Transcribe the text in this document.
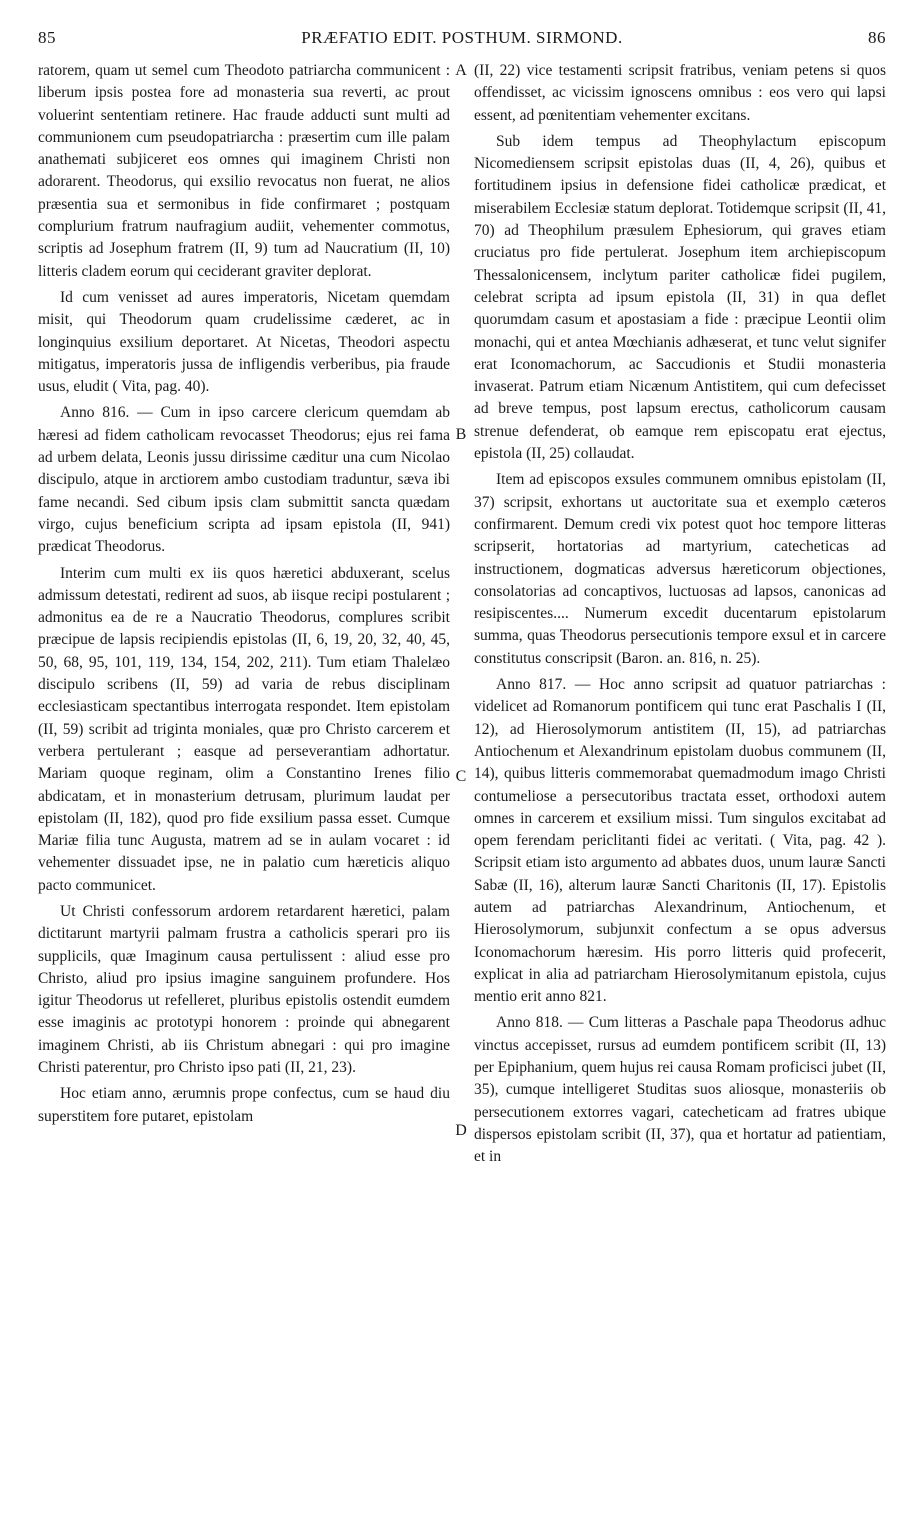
85	PRÆFATIO EDIT. POSTHUM. SIRMOND.	86
A
B
C
D

ratorem, quam ut semel cum Theodoto patriarcha communicent : liberum ipsis postea fore ad monasteria sua reverti, ac prout voluerint sententiam retinere. Hac fraude adducti sunt multi ad communionem cum pseudopatriarcha : præsertim cum ille palam anathemati subjiceret eos omnes qui imaginem Christi non adorarent. Theodorus, qui exsilio revocatus non fuerat, ne alios præsentia sua et sermonibus in fide confirmaret ; postquam complurium fratrum naufragium audiit, vehementer commotus, scriptis ad Josephum fratrem (II, 9) tum ad Naucratium (II, 10) litteris cladem eorum qui ceciderant graviter deplorat.

Id cum venisset ad aures imperatoris, Nicetam quemdam misit, qui Theodorum quam crudelissime cæderet, ac in longinquius exsilium deportaret. At Nicetas, Theodori aspectu mitigatus, imperatoris jussa de infligendis verberibus, pia fraude usus, eludit ( Vita, pag. 40).

Anno 816. — Cum in ipso carcere clericum quemdam ab hæresi ad fidem catholicam revocasset Theodorus; ejus rei fama ad urbem delata, Leonis jussu dirissime cæditur una cum Nicolao discipulo, atque in arctiorem ambo custodiam traduntur, sæva ibi fame necandi. Sed cibum ipsis clam submittit sancta quædam virgo, cujus beneficium scripta ad ipsam epistola (II, 941) prædicat Theodorus.

Interim cum multi ex iis quos hæretici abduxerant, scelus admissum detestati, redirent ad suos, ab iisque recipi postularent ; admonitus ea de re a Naucratio Theodorus, complures scribit præcipue de lapsis recipiendis epistolas (II, 6, 19, 20, 32, 40, 45, 50, 68, 95, 101, 119, 134, 154, 202, 211). Tum etiam Thalelæo discipulo scribens (II, 59) ad varia de rebus disciplinam ecclesiasticam spectantibus interrogata respondet. Item epistolam (II, 59) scribit ad triginta moniales, quæ pro Christo carcerem et verbera pertulerant ; easque ad perseverantiam adhortatur. Mariam quoque reginam, olim a Constantino Irenes filio abdicatam, et in monasterium detrusam, plurimum laudat per epistolam (II, 182), quod pro fide exsilium passa esset. Cumque Mariæ filia tunc Augusta, matrem ad se in aulam vocaret : id vehementer dissuadet ipse, ne in palatio cum hæreticis aliquo pacto communicet.

Ut Christi confessorum ardorem retardarent hæretici, palam dictitarunt martyrii palmam frustra a catholicis sperari pro iis supplicils, quæ Imaginum causa pertulissent : aliud esse pro Christo, aliud pro ipsius imagine sanguinem profundere. Hos igitur Theodorus ut refelleret, pluribus epistolis ostendit eumdem esse imaginis ac prototypi honorem : proinde qui abnegarent imaginem Christi, ab iis Christum abnegari : qui pro imagine Christi paterentur, pro Christo ipso pati (II, 21, 23).

Hoc etiam anno, ærumnis prope confectus, cum se haud diu superstitem fore putaret, epistolam

(II, 22) vice testamenti scripsit fratribus, veniam petens si quos offendisset, ac vicissim ignoscens omnibus : eos vero qui lapsi essent, ad pœnitentiam vehementer excitans.

Sub idem tempus ad Theophylactum episcopum Nicomediensem scripsit epistolas duas (II, 4, 26), quibus et fortitudinem ipsius in defensione fidei catholicæ prædicat, et miserabilem Ecclesiæ statum deplorat. Totidemque scripsit (II, 41, 70) ad Theophilum præsulem Ephesiorum, qui graves etiam cruciatus pro fide pertulerat. Josephum item archiepiscopum Thessalonicensem, inclytum pariter catholicæ fidei pugilem, celebrat scripta ad ipsum epistola (II, 31) in qua deflet quorumdam casum et apostasiam a fide : præcipue Leontii olim monachi, qui et antea Mœchianis adhæserat, et tunc velut signifer erat Iconomachorum, ac Saccudionis et Studii monasteria invaserat. Patrum etiam Nicænum Antistitem, qui cum defecisset ad breve tempus, post lapsum erectus, catholicorum causam strenue defenderat, ob eamque rem episcopatu erat ejectus, epistola (II, 25) collaudat.

Item ad episcopos exsules communem omnibus epistolam (II, 37) scripsit, exhortans ut auctoritate sua et exemplo cæteros confirmarent. Demum credi vix potest quot hoc tempore litteras scripserit, hortatorias ad martyrium, catecheticas ad instructionem, dogmaticas adversus hæreticorum objectiones, consolatorias ad concaptivos, luctuosas ad lapsos, canonicas ad resipiscentes.... Numerum excedit ducentarum epistolarum summa, quas Theodorus persecutionis tempore exsul et in carcere constitutus conscripsit (Baron. an. 816, n. 25).

Anno 817. — Hoc anno scripsit ad quatuor patriarchas : videlicet ad Romanorum pontificem qui tunc erat Paschalis I (II, 12), ad Hierosolymorum antistitem (II, 15), ad patriarchas Antiochenum et Alexandrinum epistolam duobus communem (II, 14), quibus litteris commemorabat quemadmodum imago Christi contumeliose a persecutoribus tractata esset, orthodoxi autem omnes in carcerem et exsilium missi. Tum singulos excitabat ad opem ferendam periclitanti fidei ac veritati. ( Vita, pag. 42 ). Scripsit etiam isto argumento ad abbates duos, unum lauræ Sancti Sabæ (II, 16), alterum lauræ Sancti Charitonis (II, 17). Epistolis autem ad patriarchas Alexandrinum, Antiochenum, et Hierosolymorum, subjunxit confectum a se opus adversus Iconomachorum hæresim. His porro litteris quid profecerit, explicat in alia ad patriarcham Hierosolymitanum epistola, cujus mentio erit anno 821.

Anno 818. — Cum litteras a Paschale papa Theodorus adhuc vinctus accepisset, rursus ad eumdem pontificem scribit (II, 13) per Epiphanium, quem hujus rei causa Romam proficisci jubet (II, 35), cumque intelligeret Studitas suos aliosque, monasteriis ob persecutionem extorres vagari, catecheticam ad fratres ubique dispersos epistolam scribit (II, 37), qua et hortatur ad patientiam, et in
